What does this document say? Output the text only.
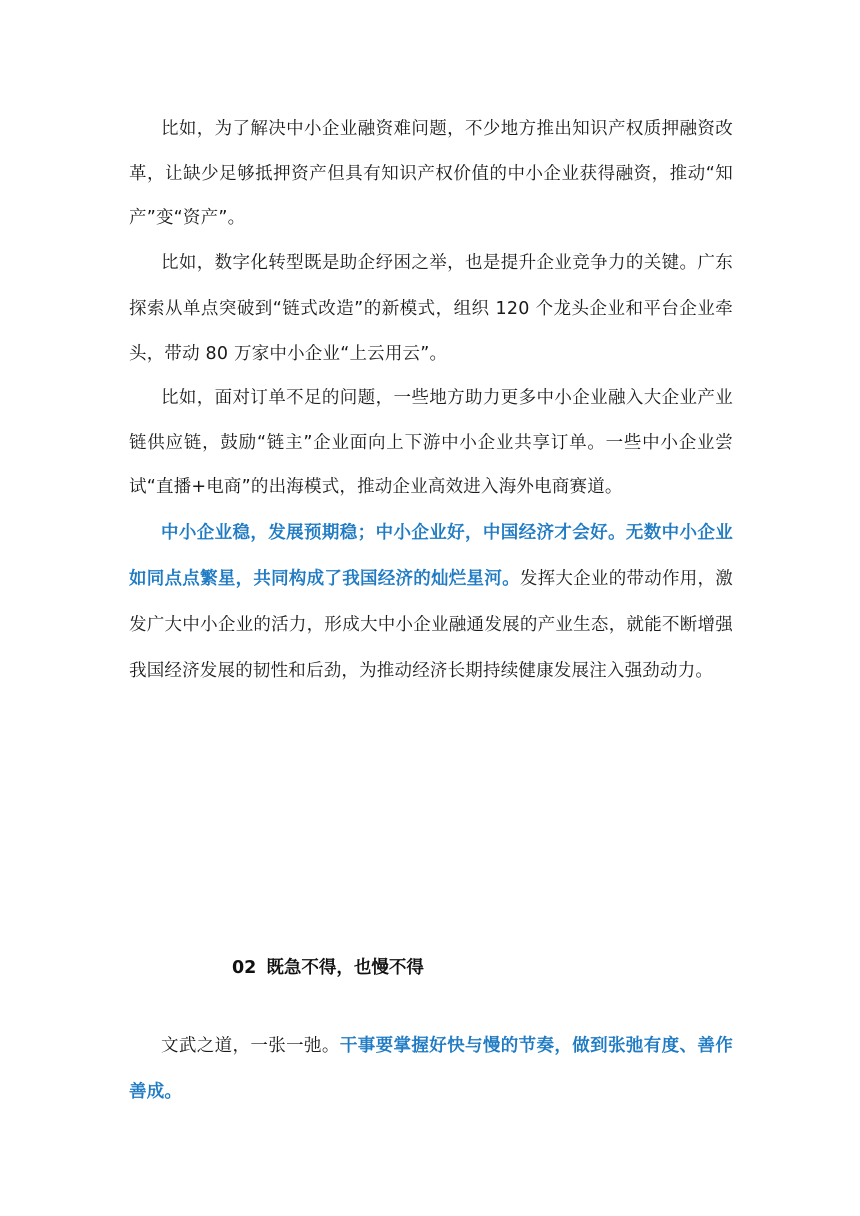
比如，为了解决中小企业融资难问题，不少地方推出知识产权质押融资改革，让缺少足够抵押资产但具有知识产权价值的中小企业获得融资，推动“知产”变“资产”。

比如，数字化转型既是助企纾困之举，也是提升企业竞争力的关键。广东探索从单点突破到“链式改造”的新模式，组织 120 个龙头企业和平台企业牵头，带动 80 万家中小企业“上云用云”。

比如，面对订单不足的问题，一些地方助力更多中小企业融入大企业产业链供应链，鼓励“链主”企业面向上下游中小企业共享订单。一些中小企业尝试“直播+电商”的出海模式，推动企业高效进入海外电商赛道。

中小企业稳，发展预期稳；中小企业好，中国经济才会好。无数中小企业如同点点繁星，共同构成了我国经济的灿烂星河。发挥大企业的带动作用，激发广大中小企业的活力，形成大中小企业融通发展的产业生态，就能不断增强我国经济发展的韧性和后劲，为推动经济长期持续健康发展注入强劲动力。

02 既急不得，也慢不得

文武之道，一张一弛。干事要掌握好快与慢的节奏，做到张弛有度、善作善成。
